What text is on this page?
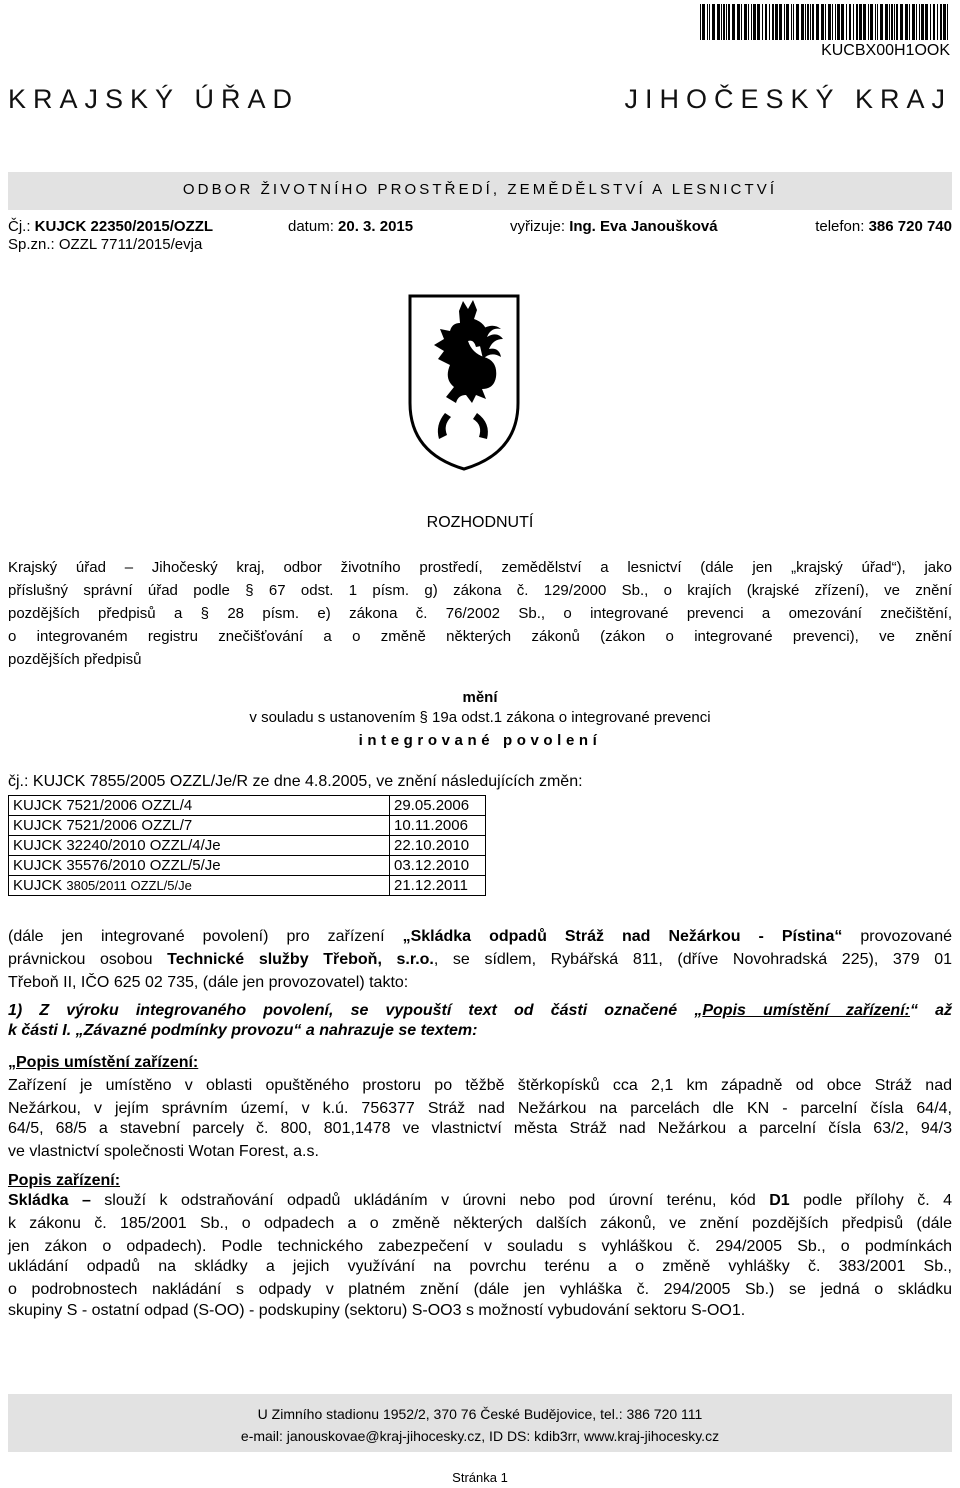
KUCBX00H1OOK
KRAJSKÝ ÚŘAD	JIHOČESKÝ KRAJ
ODBOR ŽIVOTNÍHO PROSTŘEDÍ, ZEMĚDĚLSTVÍ A LESNICTVÍ
Čj.: KUJCK 22350/2015/OZZL	datum: 20. 3. 2015	vyřizuje: Ing. Eva Janoušková	telefon: 386 720 740
Sp.zn.: OZZL 7711/2015/evja
ROZHODNUTÍ
Krajský úřad – Jihočeský kraj, odbor životního prostředí, zemědělství a lesnictví (dále jen „krajský úřad“), jako
příslušný správní úřad podle § 67 odst. 1 písm. g) zákona č. 129/2000 Sb., o krajích (krajské zřízení), ve znění
pozdějších předpisů a § 28 písm. e) zákona č. 76/2002 Sb., o integrované prevenci a omezování znečištění,
o integrovaném registru znečišťování a o změně některých zákonů (zákon o integrované prevenci), ve znění
pozdějších předpisů
mění
v souladu s ustanovením § 19a odst.1 zákona o integrované prevenci
integrované povolení
čj.: KUJCK 7855/2005 OZZL/Je/R ze dne 4.8.2005, ve znění následujících změn:
KUJCK 7521/2006 OZZL/4	29.05.2006
KUJCK 7521/2006 OZZL/7	10.11.2006
KUJCK 32240/2010 OZZL/4/Je	22.10.2010
KUJCK 35576/2010 OZZL/5/Je	03.12.2010
KUJCK 3805/2011 OZZL/5/Je	21.12.2011
(dále jen integrované povolení) pro zařízení „Skládka odpadů Stráž nad Nežárkou - Pístina“ provozované
právnickou osobou Technické služby Třeboň, s.r.o., se sídlem, Rybářská 811, (dříve Novohradská 225), 379 01
Třeboň II, IČO 625 02 735, (dále jen provozovatel) takto:
1) Z výroku integrovaného povolení, se vypouští text od části označené „Popis umístění zařízení:“ až
k části I. „Závazné podmínky provozu“ a nahrazuje se textem:
„Popis umístění zařízení:
Zařízení je umístěno v oblasti opuštěného prostoru po těžbě štěrkopísků cca 2,1 km západně od obce Stráž nad
Nežárkou, v jejím správním území, v k.ú. 756377 Stráž nad Nežárkou na parcelách dle KN - parcelní čísla 64/4,
64/5, 68/5 a stavební parcely č. 800, 801,1478 ve vlastnictví města Stráž nad Nežárkou a parcelní čísla 63/2, 94/3
ve vlastnictví společnosti Wotan Forest, a.s.
Popis zařízení:
Skládka – slouží k odstraňování odpadů ukládáním v úrovni nebo pod úrovní terénu, kód D1 podle přílohy č. 4
k zákonu č. 185/2001 Sb., o odpadech a o změně některých dalších zákonů, ve znění pozdějších předpisů (dále
jen zákon o odpadech). Podle technického zabezpečení v souladu s vyhláškou č. 294/2005 Sb., o podmínkách
ukládání odpadů na skládky a jejich využívání na povrchu terénu a o změně vyhlášky č. 383/2001 Sb.,
o podrobnostech nakládání s odpady v platném znění (dále jen vyhláška č. 294/2005 Sb.) se jedná o skládku
skupiny S - ostatní odpad (S-OO) - podskupiny (sektoru) S-OO3 s možností vybudování sektoru S-OO1.
U Zimního stadionu 1952/2, 370 76 České Budějovice, tel.: 386 720 111
e-mail: janouskovae@kraj-jihocesky.cz, ID DS: kdib3rr, www.kraj-jihocesky.cz
Stránka 1
